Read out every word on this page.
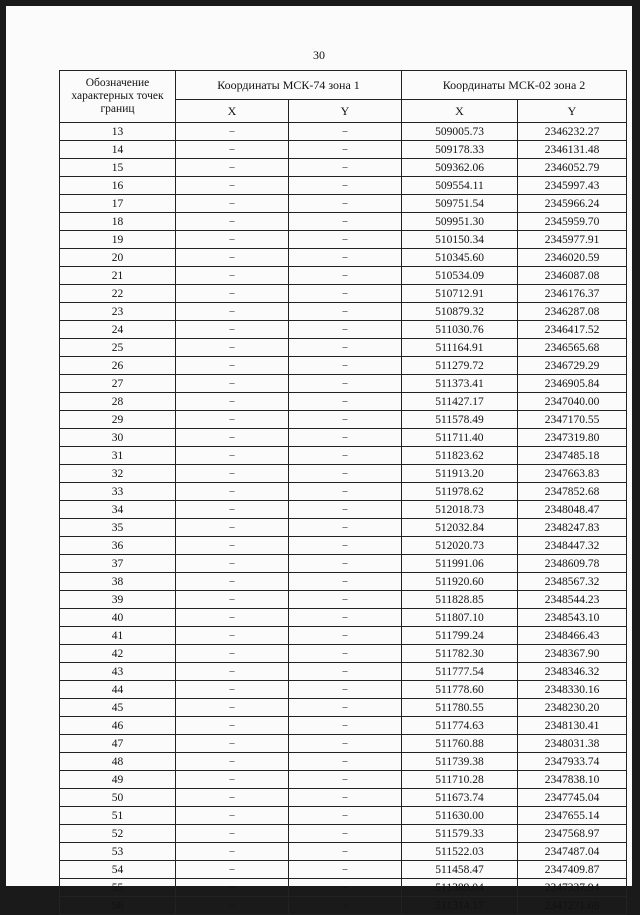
30
Обозначение характерных точек границ	Координаты МСК-74 зона 1		Координаты МСК-02 зона 2	
	X	Y	X	Y
13	–	–	509005.73	2346232.27
14	–	–	509178.33	2346131.48
15	–	–	509362.06	2346052.79
16	–	–	509554.11	2345997.43
17	–	–	509751.54	2345966.24
18	–	–	509951.30	2345959.70
19	–	–	510150.34	2345977.91
20	–	–	510345.60	2346020.59
21	–	–	510534.09	2346087.08
22	–	–	510712.91	2346176.37
23	–	–	510879.32	2346287.08
24	–	–	511030.76	2346417.52
25	–	–	511164.91	2346565.68
26	–	–	511279.72	2346729.29
27	–	–	511373.41	2346905.84
28	–	–	511427.17	2347040.00
29	–	–	511578.49	2347170.55
30	–	–	511711.40	2347319.80
31	–	–	511823.62	2347485.18
32	–	–	511913.20	2347663.83
33	–	–	511978.62	2347852.68
34	–	–	512018.73	2348048.47
35	–	–	512032.84	2348247.83
36	–	–	512020.73	2348447.32
37	–	–	511991.06	2348609.78
38	–	–	511920.60	2348567.32
39	–	–	511828.85	2348544.23
40	–	–	511807.10	2348543.10
41	–	–	511799.24	2348466.43
42	–	–	511782.30	2348367.90
43	–	–	511777.54	2348346.32
44	–	–	511778.60	2348330.16
45	–	–	511780.55	2348230.20
46	–	–	511774.63	2348130.41
47	–	–	511760.88	2348031.38
48	–	–	511739.38	2347933.74
49	–	–	511710.28	2347838.10
50	–	–	511673.74	2347745.04
51	–	–	511630.00	2347655.14
52	–	–	511579.33	2347568.97
53	–	–	511522.03	2347487.04
54	–	–	511458.47	2347409.87
55	–	–	511389.04	2347337.94
56	–	–	511314.17	2347271.69
